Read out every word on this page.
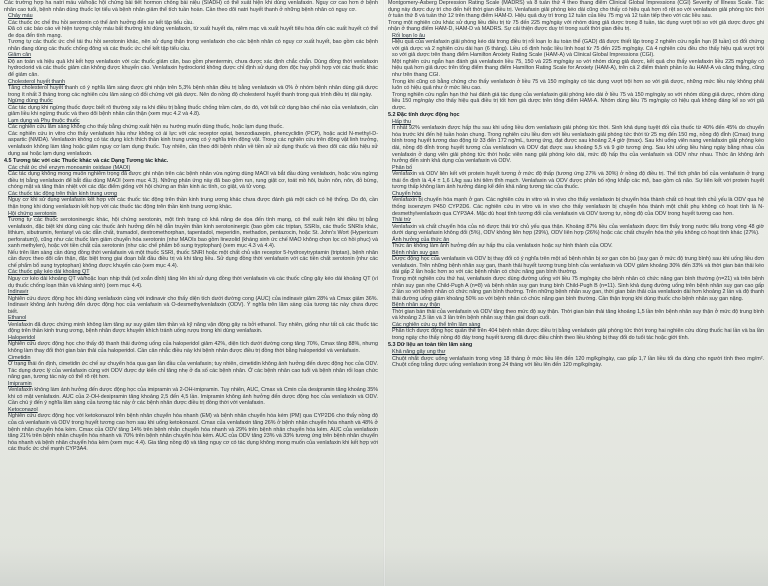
Các trường hợp ha natri máu và/hoặc hội chứng bài tiết hormon chống bài niệu (SIADH) có thể xuất hiện khi dùng venlafaxin. Nguy cơ cao hơn ở bệnh nhân cao tuổi, bệnh nhân dùng thuốc lợi tiểu và bệnh nhân giảm thể tích tuần hoàn. Cần theo dõi natri huyết thanh ở những bệnh nhân có nguy cơ.

Chảy máu

Các thuốc ức chế thu hồi serotonin có thể ảnh hưởng đến sự kết tập tiểu cầu.

Đã có các báo cáo về hiện tượng chảy máu bất thường khi dùng venlafaxin, từ xuất huyết da, niêm mạc và xuất huyết tiêu hóa đến các xuất huyết có thể đe dọa đến tính mạng.

Tương tự các thuốc ức chế tái thu hồi serotonin khác, nên sử dụng thận trọng venlafaxin cho các bệnh nhân có nguy cơ xuất huyết, bao gồm các bệnh nhân đang dùng các thuốc chống đông và các thuốc ức chế kết tập tiểu cầu.

Giảm cân

Độ an toàn và hiệu quả khi kết hợp venlafaxin với các thuốc giảm cân, bao gồm phentermin, chưa được xác định chắc chắn. Dùng đồng thời venlafaxin hydroclorid và các thuốc giảm cân không được khuyến cáo. Venlafaxin hydroclorid không được chỉ định sử dụng đơn độc hay phối hợp với các thuốc khác để giảm cân.

Cholesterol huyết thanh

Tăng cholesterol huyết thanh có ý nghĩa lâm sàng được ghi nhận trên 5,3% bệnh nhân điều trị bằng venlafaxin và 0% ở nhóm bệnh nhân dùng giả dược trong ít nhất 3 tháng trong các nghiên cứu lâm sàng có đối chứng với giả dược. Nên đo nồng độ cholesterol huyết thanh trong quá trình điều trị dài ngày.

Ngừng dùng thuốc

Các tác dụng khi ngừng thuốc được biết rõ thường xảy ra khi điều trị bằng thuốc chống trầm cảm, do đó, với bất cứ dạng bào chế nào của venlafaxin, cần giảm liều khi ngừng thuốc và theo dõi bệnh nhân cẩn thận (xem mục 4.2 và 4.8).

Lạm dụng và Phụ thuộc thuốc

Các nghiên cứu lâm sàng không cho thấy bằng chứng xuất hiện xu hướng muốn dùng thuốc, hoặc lạm dụng thuốc.

Các nghiên cứu in vitro cho thấy venlafaxin hầu như không có ái lực với các receptor opiat, benzodiazepin, phencyclidin (PCP), hoặc acid N-methyl-D-aspartic (NMDA). Venlafaxin không có tác dụng kích thích thần kinh trung ương có ý nghĩa trên động vật. Trong các nghiên cứu trên động vật linh trưởng, venlafaxin không làm tăng hoặc giảm nguy cơ lạm dụng thuốc. Tuy nhiên, cần theo dõi bệnh nhân về tiền sử sử dụng thuốc và theo dõi các dấu hiệu sử dụng sai hoặc lạm dụng venlafaxin.

4.5 Tương tác với các Thuốc khác và các Dạng Tương tác khác.

Các chất ức chế enzym monoamin oxidase (MAOI)

Các tác dụng không mong muốn nghiêm trọng đã được ghi nhận trên các bệnh nhân vừa ngừng dùng MAOI và bắt đầu dùng venlafaxin, hoặc vừa ngừng điều trị bằng venlafaxin để bắt đầu dùng MAOI (xem mục 4.3). Những phản ứng này đã bao gồm run, rung giật cơ, toát mồ hôi, buồn nôn, nôn, đỏ bừng, chóng mặt và tăng thân nhiệt với các đặc điểm giống với hội chứng an thần kinh ác tính, co giật, và tử vong.

Các thuốc tác động trên thần kinh trung ương

Nguy cơ khi sử dụng venlafaxin kết hợp với các thuốc tác động trên thần kinh trung ương khác chưa được đánh giá một cách có hệ thống. Do đó, cần thận trọng khi dùng venlafaxin kết hợp với các thuốc tác động trên thần kinh trung ương khác.

Hội chứng serotonin

Tương tự các thuốc serotoninergic khác, hội chứng serotonin, một tình trạng có khả năng đe dọa đến tính mạng, có thể xuất hiện khi điều trị bằng venlafaxin, đặc biệt khi dùng cùng các thuốc ảnh hưởng đến hệ dẫn truyền thần kinh serotoninergic (bao gồm các triptan, SSRIs, các thuốc SNRIs khác, lithium, sibutramin, fentanyl và các dẫn chất, tramadol, dextromethorphan, tapentadol, meperidin, methadon, pentazocin, hoặc St. John's Wort (Hypericum perforatum)), cũng như các thuốc làm giảm chuyển hóa serotonin (như MAOIs bao gồm linezolid (kháng sinh ức chế MAO không chọn lọc có hồi phục) và xanh methylen), hoặc với tiền chất của serotonin (như các chế phẩm bổ sung tryptophan) (xem mục 4.3 và 4.4).

Nếu trên lâm sàng cần dùng đồng thời venlafaxin và một thuốc SSRI, thuốc SNRI hoặc một chất chủ vận receptor 5-hydroxytryptamin (triptan), bệnh nhân cần được theo dõi cẩn thận, đặc biệt trong giai đoạn bắt đầu điều trị và khi tăng liều. Sử dụng đồng thời venlafaxin với các tiền chất serotonin (như các chế phẩm bổ sung tryptophan) không được khuyến cáo (xem mục 4.4).

Các thuốc gây kéo dài khoảng QT

Nguy cơ kéo dài khoảng QT và/hoặc loạn nhịp thất (vd xoắn đỉnh) tăng lên khi sử dụng đồng thời venlafaxin và các thuốc cũng gây kéo dài khoảng QT (ví dụ thuốc chống loạn thần và kháng sinh) (xem mục 4.4).

Indinavir

Nghiên cứu dược động học khi dùng venlafaxin cùng với indinavir cho thấy diện tích dưới đường cong (AUC) của indinavir giảm 28% và Cmax giảm 36%. Indinavir không ảnh hưởng đến dược động học của venlafaxin và O-desmethylvenlafaxin (ODV). Ý nghĩa trên lâm sàng của tương tác này chưa được biết.

Ethanol

Venlafaxin đã được chứng minh không làm tăng sự suy giảm tâm thần và kỹ năng vận động gây ra bởi ethanol. Tuy nhiên, giống như tất cả các thuốc tác động trên thần kinh trung ương, bệnh nhân được khuyến khích tránh uống rượu trong khi dùng venlafaxin.

Haloperidol

Nghiên cứu dược động học cho thấy độ thanh thải đường uống của haloperidol giảm 42%, diện tích dưới đường cong tăng 70%, Cmax tăng 88%, nhưng không làm thay đổi thời gian bán thải của haloperidol. Cần cân nhắc điều này khi bệnh nhân được điều trị đồng thời bằng haloperidol và venlafaxin.

Cimetidin

Ở trạng thái ổn định, cimetidin ức chế sự chuyển hóa qua gan lần đầu của venlafaxin; tuy nhiên, cimetidin không ảnh hưởng đến dược động học của ODV. Tác dụng dược lý của venlafaxin cùng với ODV được dự kiến chỉ tăng nhẹ ở đa số các bệnh nhân. Ở các bệnh nhân cao tuổi và bệnh nhân rối loạn chức năng gan, tương tác này có thể rõ rệt hơn.

Imipramin

Venlafaxin không làm ảnh hưởng đến dược động học của imipramin và 2-OH-imipramin. Tuy nhiên, AUC, Cmax và Cmin của desipramin tăng khoảng 35% khi có mặt venlafaxin. AUC của 2-OH-desipramin tăng khoảng 2,5 đến 4,5 lần. Imipramin không ảnh hưởng đến dược động học của venlafaxin và ODV. Cần chú ý đến ý nghĩa lâm sàng của tương tác này ở các bệnh nhân được điều trị đồng thời với venlafaxin.

Ketoconazol

Nghiên cứu dược động học với ketokonazol trên bệnh nhân chuyển hóa nhanh (EM) và bệnh nhân chuyển hóa kém (PM) qua CYP2D6 cho thấy nồng độ của cả venlafaxin và ODV trong huyết tương cao hơn sau khi uống ketokonazol. Cmax của venlafaxin tăng 26% ở bệnh nhân chuyển hóa nhanh và 48% ở bệnh nhân chuyển hóa kém. Cmax của ODV tăng 14% trên bệnh nhân chuyển hóa nhanh và 29% trên bệnh nhân chuyển hóa kém. AUC của venlafaxin tăng 21% trên bệnh nhân chuyển hóa nhanh và 70% trên bệnh nhân chuyển hóa kém. AUC của ODV tăng 23% và 33% tương ứng trên bệnh nhân chuyển hóa nhanh và bệnh nhân chuyển hóa kém (xem mục 4.4). Gia tăng nồng độ và tăng nguy cơ có tác dụng không mong muốn của venlafaxin khi kết hợp với các thuốc ức chế mạnh CYP3A4.

Montgomery-Asberg Depression Rating Scale (MADRS) và 8 tuần thứ 4 theo thang điểm Clinical Global Impressions (CGI) Severity of Illness Scale. Tác dụng này được duy trì cho đến hết thời gian điều trị. Venlafaxin giải phóng kéo dài cũng cho thấy có hiệu quả hơn rõ rệt so với venlafaxin giải phóng tức thời ở tuần thứ 8 và tuần thứ 12 trên thang điểm HAM-D. Hiệu quả duy trì trong 12 tuần của liều 75 mg và 12 tuần tiếp theo với các liều sau.

Trong một nghiên cứu khác sử dụng liều điều trị từ 75 đến 225 mg/ngày với nhóm dùng giả dược trong 8 tuần, tác dụng vượt trội so với giả dược được ghi nhận ở thang điểm HAM-D, HAM-D và MADRS. Sự cải thiện được duy trì trong suốt thời gian điều trị.

Rối loạn lo âu

Hiệu quả của venlafaxin giải phóng kéo dài trong điều trị rối loạn lo âu toàn thể (GAD) đã được thiết lập trong 2 nghiên cứu ngắn hạn (8 tuần) có đối chứng với giả dược và 2 nghiên cứu dài hạn (6 tháng). Liều cố định hoặc liều linh hoạt từ 75 đến 225 mg/ngày. Cả 4 nghiên cứu đều cho thấy hiệu quả vượt trội so với giả dược trên thang điểm Hamilton Anxiety Rating Scale (HAM-A) và Clinical Global Impressions (CGI).

Một nghiên cứu ngắn hạn đánh giá venlafaxin liều 75, 150 và 225 mg/ngày so với nhóm dùng giả dược, kết quả cho thấy venlafaxin liều 225 mg/ngày có hiệu quả hơn giả dược trên tổng điểm thang điểm Hamilton Rating Scale for Anxiety (HAM-A), trên cả 2 điểm thành phần lo âu HAM-A và căng thẳng, cũng như trên thang CGI.

Trong khi cũng có bằng chứng cho thấy venlafaxin ở liều 75 và 150 mg/ngày có tác dụng vượt trội hơn so với giả dược, những mức liều này không phải luôn có hiệu quả như ở mức liều cao.

Trong nghiên cứu ngắn hạn thứ hai đánh giá tác dụng của venlafaxin giải phóng kéo dài ở liều 75 và 150 mg/ngày so với nhóm dùng giả dược, nhóm dùng liều 150 mg/ngày cho thấy hiệu quả điều trị tốt hơn giả dược trên tổng điểm HAM-A. Nhóm dùng liều 75 mg/ngày có hiệu quả không đáng kể so với giả dược.

5.2 Đặc tính dược động học

Hấp thu

Ít nhất 92% venlafaxin được hấp thu sau khi uống liều đơn venlafaxin giải phóng tức thời. Sinh khả dụng tuyệt đối của thuốc từ 40% đến 45% do chuyển hóa trước khi đến hệ tuần hoàn chung. Trong nghiên cứu liều đơn với liều venlafaxin giải phóng tức thời từ 25 mg đến 150 mg, nồng độ đỉnh (Cmax) trung bình trong huyết tương dao động từ 33 đến 172 ng/mL, tương ứng, đạt được sau khoảng 2,4 giờ (tmax). Sau khi uống viên nang venlafaxin giải phóng kéo dài, nồng độ đỉnh trong huyết tương của venlafaxin và ODV đạt được sau khoảng 5,5 và 9 giờ tương ứng. Sau khi uống liều hàng ngày bằng nhau của venlafaxin ở dạng viên giải phóng tức thời hoặc viên nang giải phóng kéo dài, mức độ hấp thu của venlafaxin và ODV như nhau. Thức ăn không ảnh hưởng đến sinh khả dụng của venlafaxin và ODV.

Phân bố

Venlafaxin và ODV liên kết với protein huyết tương ở mức độ thấp (tương ứng 27% và 30%) ở nồng độ điều trị. Thể tích phân bố của venlafaxin ở trạng thái ổn định là 4,4 ± 1,6 L/kg sau khi tiêm tĩnh mạch. Venlafaxin và ODV được phân bố rộng khắp các mô, bao gồm cả não. Sự liên kết với protein huyết tương thấp không làm ảnh hưởng đáng kể đến khả năng tương tác của thuốc.

Chuyển hóa

Venlafaxin bị chuyển hóa mạnh ở gan. Các nghiên cứu in vitro và in vivo cho thấy venlafaxin bị chuyển hóa thành chất có hoạt tính chủ yếu là ODV qua hệ thống isoenzym P450 CYP2D6. Các nghiên cứu in vitro và in vivo cho thấy venlafaxin bị chuyển hóa thành một chất phụ không có hoạt tính là N-desmethylvenlafaxin qua CYP3A4. Mặc dù hoạt tính tương đối của venlafaxin và ODV tương tự, nồng độ của ODV trong huyết tương cao hơn.

Thải trừ

Venlafaxin và chất chuyển hóa của nó được thải trừ chủ yếu qua thận. Khoảng 87% liều của venlafaxin được tìm thấy trong nước tiểu trong vòng 48 giờ dưới dạng venlafaxin không đổi (5%), ODV không liên hợp (29%), ODV liên hợp (26%) hoặc các chất chuyển hóa thứ yếu không có hoạt tính khác (27%).

Ảnh hưởng của thức ăn

Thức ăn không làm ảnh hưởng đến sự hấp thu của venlafaxin hoặc sự hình thành của ODV.

Bệnh nhân suy gan

Dược động học của venlafaxin và ODV bị thay đổi có ý nghĩa trên một số bệnh nhân bị xơ gan còn bù (suy gan ở mức độ trung bình) sau khi uống liều đơn venlafaxin. Trên những bệnh nhân suy gan, thanh thải huyết tương trung bình của venlafaxin và ODV giảm khoảng 30% đến 33% và thời gian bán thải kéo dài gấp 2 lần hoặc hơn so với các bệnh nhân có chức năng gan bình thường.

Trong một nghiên cứu thứ hai, venlafaxin được dùng đường uống với liều 75 mg/ngày cho bệnh nhân có chức năng gan bình thường (n=21) và trên bệnh nhân suy gan nhẹ Child-Pugh A (n=8) và bệnh nhân suy gan trung bình Child-Pugh B (n=11). Sinh khả dụng đường uống trên bệnh nhân suy gan cao gấp 2 lần so với bệnh nhân có chức năng gan bình thường. Trên những bệnh nhân suy gan, thời gian bán thải của venlafaxin dài hơn khoảng 2 lần và độ thanh thải đường uống giảm khoảng 50% so với bệnh nhân có chức năng gan bình thường. Cần thận trọng khi dùng thuốc cho bệnh nhân suy gan nặng.

Bệnh nhân suy thận

Thời gian bán thải của venlafaxin và ODV tăng theo mức độ suy thận. Thời gian bán thải tăng khoảng 1,5 lần trên bệnh nhân suy thận ở mức độ trung bình và khoảng 2,5 lần và 3 lần trên bệnh nhân suy thận giai đoạn cuối.

Các nghiên cứu cụ thể trên lâm sàng

Phân tích dược động học quần thể trên 404 bệnh nhân được điều trị bằng venlafaxin giải phóng tức thời trong hai nghiên cứu dùng thuốc hai lần và ba lần trong ngày cho thấy nồng độ đáy trong huyết tương đã được điều chỉnh theo liều không bị thay đổi do tuổi tác hoặc giới tính.

5.3 Dữ liệu an toàn tiền lâm sàng

Khả năng gây ung thư

Chuột nhắt được uống venlafaxin trong vòng 18 tháng ở mức liều lên đến 120 mg/kg/ngày, cao gấp 1,7 lần liều tối đa dùng cho người tính theo mg/m². Chuột cống trắng được uống venlafaxin trong 24 tháng với liều lên đến 120 mg/kg/ngày.
